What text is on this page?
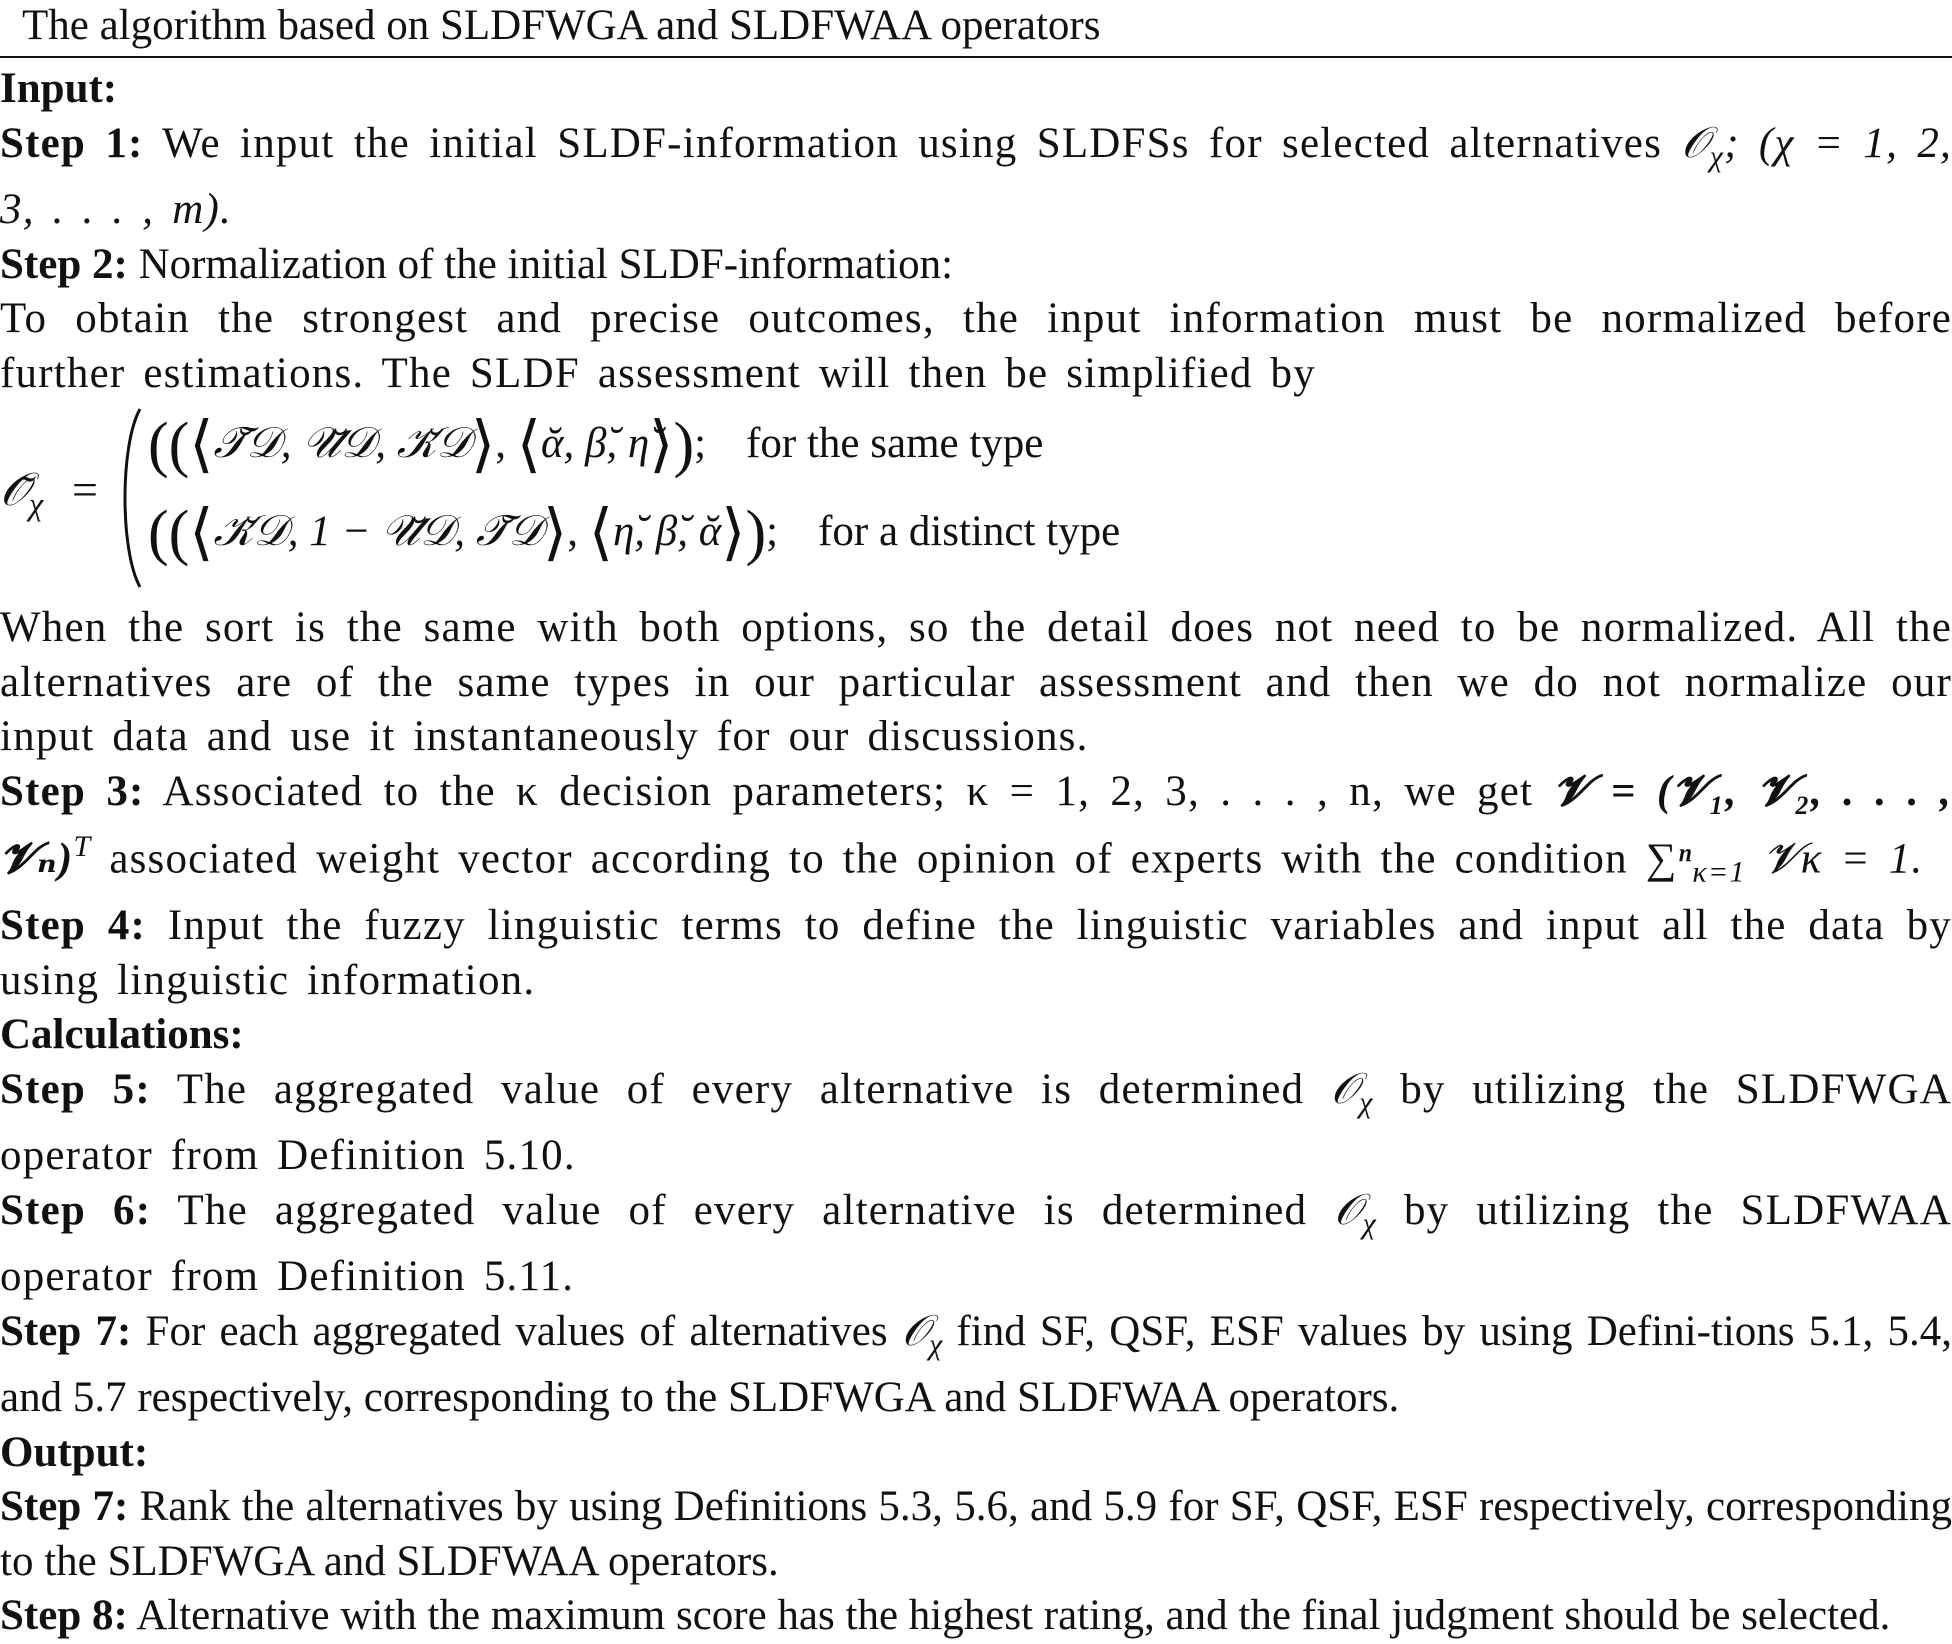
The algorithm based on SLDFWGA and SLDFWAA operators

Input:

Step 1: We input the initial SLDF-information using SLDFSs for selected alternatives 𝒪$_\chi$; (χ = 1, 2, 3, . . . , m).

Step 2: Normalization of the initial SLDF-information:

To obtain the strongest and precise outcomes, the input information must be normalized before further estimations. The SLDF assessment will then be simplified by

$𝒪̃_\chi$ =
((⟨𝒯̆𝒟, 𝒰̆𝒟, 𝒦̆𝒟⟩, ⟨ᾰ, β̆, η̆⟩); for the same type
((⟨𝒦̆𝒟, 1 − 𝒰̆𝒟, 𝒯̆𝒟⟩, ⟨η̆, β̆, ᾰ⟩); for a distinct type

When the sort is the same with both options, so the detail does not need to be normalized. All the alternatives are of the same types in our particular assessment and then we do not normalize our input data and use it instantaneously for our discussions.

Step 3: Associated to the κ decision parameters; κ = 1, 2, 3, . . . , n, we get 𝓥 = (𝓥₁, 𝓥₂, . . . , 𝓥ₙ)$^T$ associated weight vector according to the opinion of experts with the condition ∑ⁿ$_{\kappa=1}$ 𝓥κ = 1.

Step 4: Input the fuzzy linguistic terms to define the linguistic variables and input all the data by using linguistic information.

Calculations:

Step 5: The aggregated value of every alternative is determined 𝒪$_\chi$ by utilizing the SLDFWGA operator from Definition 5.10.

Step 6: The aggregated value of every alternative is determined 𝒪$_\chi$ by utilizing the SLDFWAA operator from Definition 5.11.

Step 7: For each aggregated values of alternatives 𝒪$_\chi$ find SF, QSF, ESF values by using Defini-tions 5.1, 5.4, and 5.7 respectively, corresponding to the SLDFWGA and SLDFWAA operators.

Output:

Step 7: Rank the alternatives by using Definitions 5.3, 5.6, and 5.9 for SF, QSF, ESF respectively, corresponding to the SLDFWGA and SLDFWAA operators.

Step 8: Alternative with the maximum score has the highest rating, and the final judgment should be selected.
